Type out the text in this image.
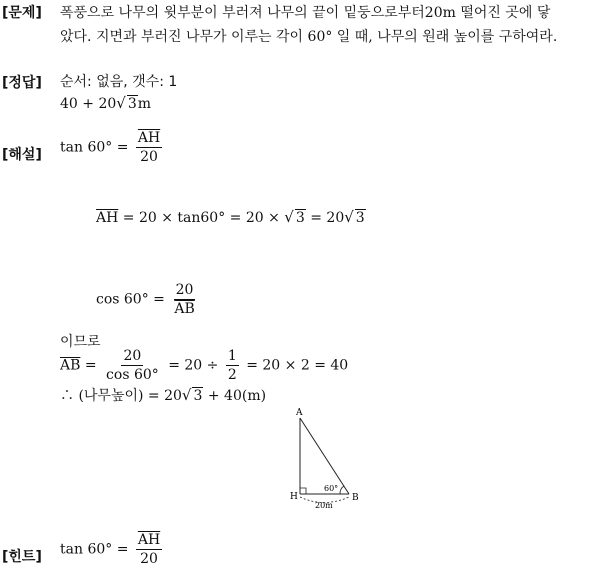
[문제] 폭풍으로 나무의 윗부분이 부러져 나무의 끝이 밑둥으로부터20m 떨어진 곳에 닿
았다. 지면과 부러진 나무가 이루는 각이 60° 일 때, 나무의 원래 높이를 구하여라.
[정답] 순서: 없음, 갯수: 1
40 + 20√ 3m
[해설] $\tan 60^\circ = \frac{\overline{AH}}{20}$
$\overline{AH} = 20 \times \tan 60^\circ = 20$ × √ 3 = 20√ 3
$\cos 60^\circ = \frac{20}{AB}$
이므로
$\overline{AB} = \frac{20}{\cos 60^\circ} = 20 \div \frac{1}{2} = 20 \times 2 = 40$
∴ (나무높이) = 20√ 3 + 40(m)
A
H	B
60°
20m
[힌트] $\tan 60^\circ = \frac{\overline{AH}}{20}$
